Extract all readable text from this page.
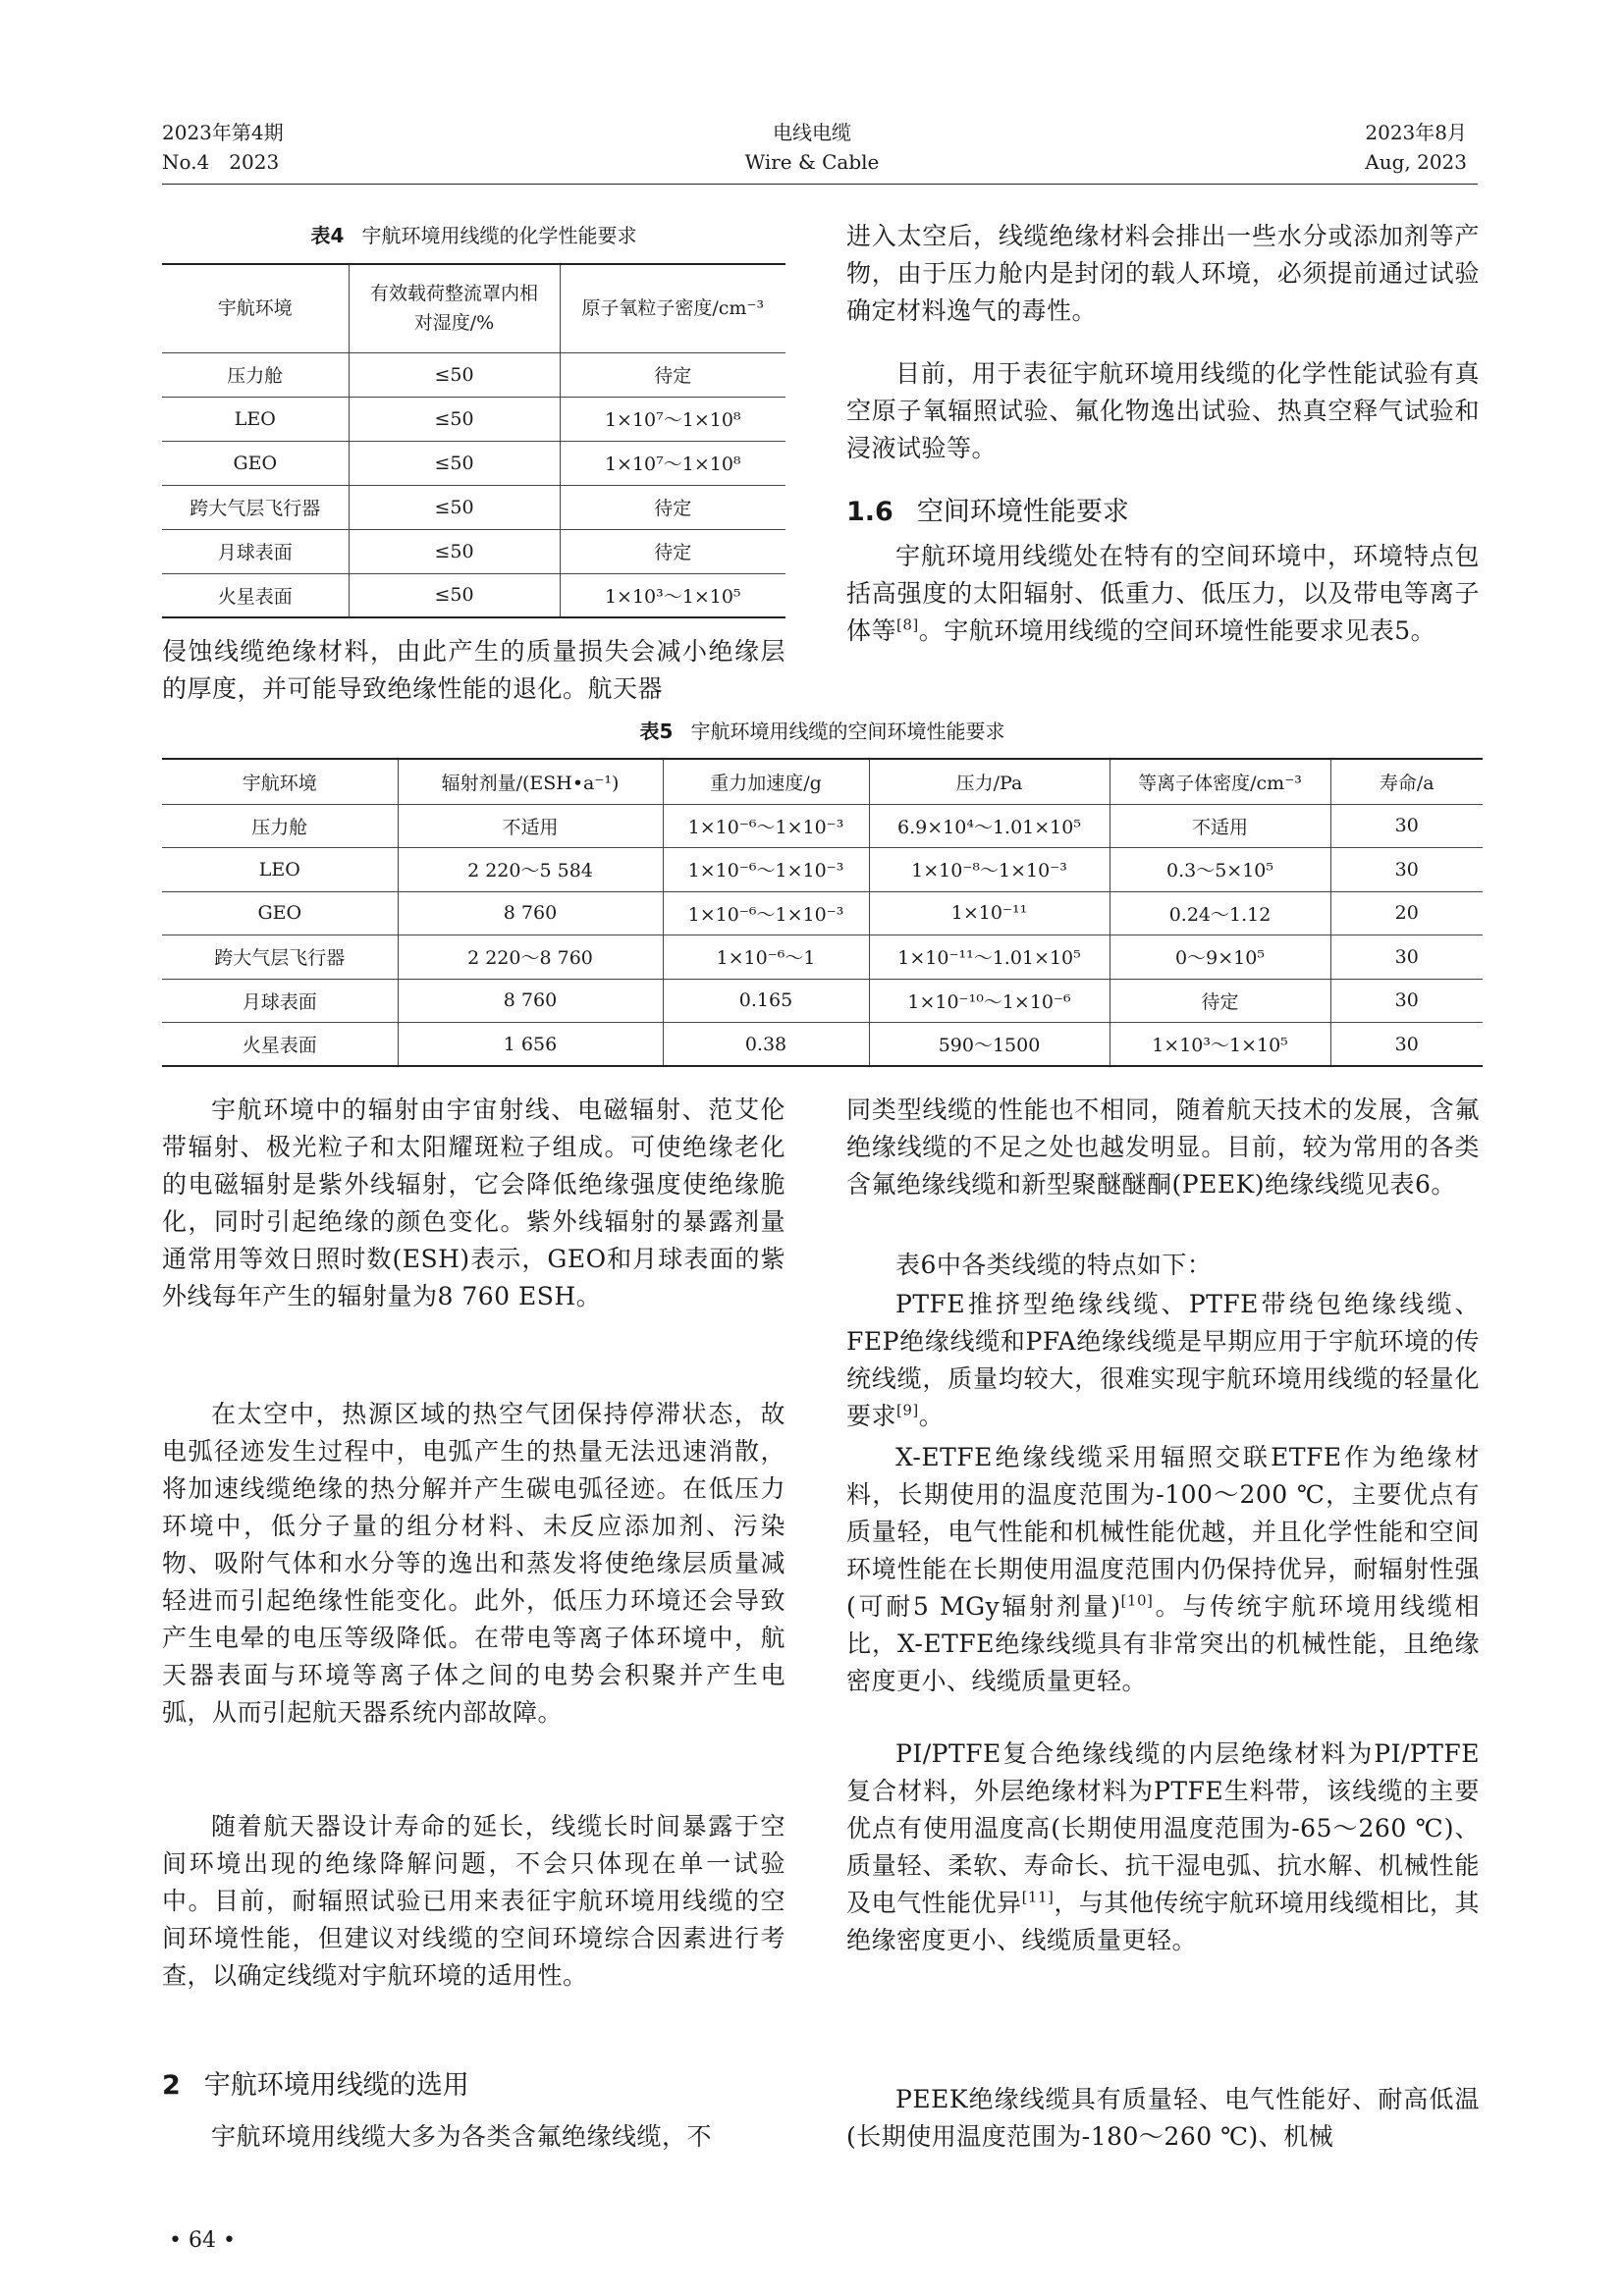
2023年第4期
No.4　2023
电线电缆
Wire & Cable
2023年8月
Aug, 2023
表4 宇航环境用线缆的化学性能要求
宇航环境	有效载荷整流罩内相对湿度/%	原子氧粒子密度/cm⁻³
压力舱	≤50	待定
LEO	≤50	1×10⁷～1×10⁸
GEO	≤50	1×10⁷～1×10⁸
跨大气层飞行器	≤50	待定
月球表面	≤50	待定
火星表面	≤50	1×10³～1×10⁵
侵蚀线缆绝缘材料，由此产生的质量损失会减小绝缘层的厚度，并可能导致绝缘性能的退化。航天器
进入太空后，线缆绝缘材料会排出一些水分或添加剂等产物，由于压力舱内是封闭的载人环境，必须提前通过试验确定材料逸气的毒性。
目前，用于表征宇航环境用线缆的化学性能试验有真空原子氧辐照试验、氟化物逸出试验、热真空释气试验和浸液试验等。
1.6 空间环境性能要求
宇航环境用线缆处在特有的空间环境中，环境特点包括高强度的太阳辐射、低重力、低压力，以及带电等离子体等[8]。宇航环境用线缆的空间环境性能要求见表5。
表5 宇航环境用线缆的空间环境性能要求
宇航环境	辐射剂量/(ESH•a⁻¹)	重力加速度/g	压力/Pa	等离子体密度/cm⁻³	寿命/a
压力舱	不适用	1×10⁻⁶～1×10⁻³	6.9×10⁴～1.01×10⁵	不适用	30
LEO	2 220～5 584	1×10⁻⁶～1×10⁻³	1×10⁻⁸～1×10⁻³	0.3～5×10⁵	30
GEO	8 760	1×10⁻⁶～1×10⁻³	1×10⁻¹¹	0.24～1.12	20
跨大气层飞行器	2 220～8 760	1×10⁻⁶～1	1×10⁻¹¹～1.01×10⁵	0～9×10⁵	30
月球表面	8 760	0.165	1×10⁻¹⁰～1×10⁻⁶	待定	30
火星表面	1 656	0.38	590～1500	1×10³～1×10⁵	30
宇航环境中的辐射由宇宙射线、电磁辐射、范艾伦带辐射、极光粒子和太阳耀斑粒子组成。可使绝缘老化的电磁辐射是紫外线辐射，它会降低绝缘强度使绝缘脆化，同时引起绝缘的颜色变化。紫外线辐射的暴露剂量通常用等效日照时数(ESH)表示，GEO和月球表面的紫外线每年产生的辐射量为8 760 ESH。
在太空中，热源区域的热空气团保持停滞状态，故电弧径迹发生过程中，电弧产生的热量无法迅速消散，将加速线缆绝缘的热分解并产生碳电弧径迹。在低压力环境中，低分子量的组分材料、未反应添加剂、污染物、吸附气体和水分等的逸出和蒸发将使绝缘层质量减轻进而引起绝缘性能变化。此外，低压力环境还会导致产生电晕的电压等级降低。在带电等离子体环境中，航天器表面与环境等离子体之间的电势会积聚并产生电弧，从而引起航天器系统内部故障。
随着航天器设计寿命的延长，线缆长时间暴露于空间环境出现的绝缘降解问题，不会只体现在单一试验中。目前，耐辐照试验已用来表征宇航环境用线缆的空间环境性能，但建议对线缆的空间环境综合因素进行考查，以确定线缆对宇航环境的适用性。
2 宇航环境用线缆的选用
宇航环境用线缆大多为各类含氟绝缘线缆，不
同类型线缆的性能也不相同，随着航天技术的发展，含氟绝缘线缆的不足之处也越发明显。目前，较为常用的各类含氟绝缘线缆和新型聚醚醚酮(PEEK)绝缘线缆见表6。
表6中各类线缆的特点如下：
PTFE推挤型绝缘线缆、PTFE带绕包绝缘线缆、FEP绝缘线缆和PFA绝缘线缆是早期应用于宇航环境的传统线缆，质量均较大，很难实现宇航环境用线缆的轻量化要求[9]。
X-ETFE绝缘线缆采用辐照交联ETFE作为绝缘材料，长期使用的温度范围为-100～200 ℃，主要优点有质量轻，电气性能和机械性能优越，并且化学性能和空间环境性能在长期使用温度范围内仍保持优异，耐辐射性强(可耐5 MGy辐射剂量)[10]。与传统宇航环境用线缆相比，X-ETFE绝缘线缆具有非常突出的机械性能，且绝缘密度更小、线缆质量更轻。
PI/PTFE复合绝缘线缆的内层绝缘材料为PI/PTFE复合材料，外层绝缘材料为PTFE生料带，该线缆的主要优点有使用温度高(长期使用温度范围为-65～260 ℃)、质量轻、柔软、寿命长、抗干湿电弧、抗水解、机械性能及电气性能优异[11]，与其他传统宇航环境用线缆相比，其绝缘密度更小、线缆质量更轻。
PEEK绝缘线缆具有质量轻、电气性能好、耐高低温(长期使用温度范围为-180～260 ℃)、机械
• 64 •
